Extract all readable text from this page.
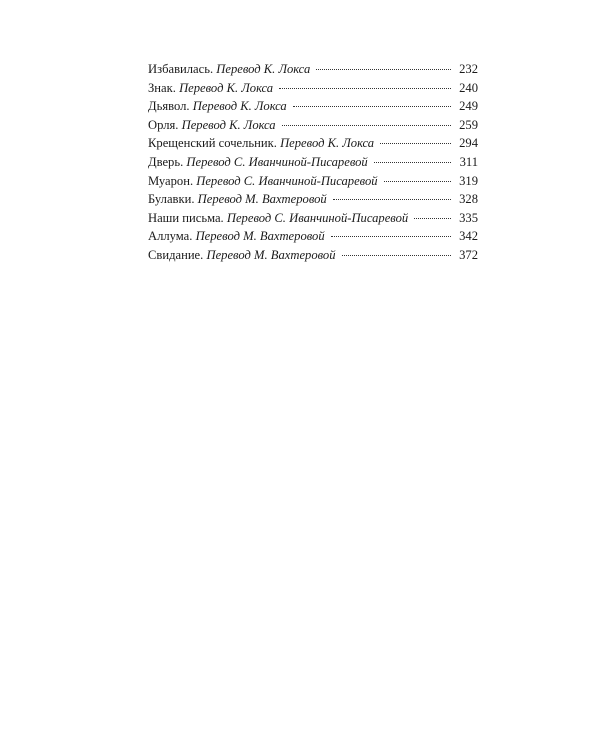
Избавилась. Перевод К. Локса	232
Знак. Перевод К. Локса	240
Дьявол. Перевод К. Локса	249
Орля. Перевод К. Локса	259
Крещенский сочельник. Перевод К. Локса	294
Дверь. Перевод С. Иванчиной-Писаревой	311
Муарон. Перевод С. Иванчиной-Писаревой	319
Булавки. Перевод М. Вахтеровой	328
Наши письма. Перевод С. Иванчиной-Писаревой	335
Аллума. Перевод М. Вахтеровой	342
Свидание. Перевод М. Вахтеровой	372
